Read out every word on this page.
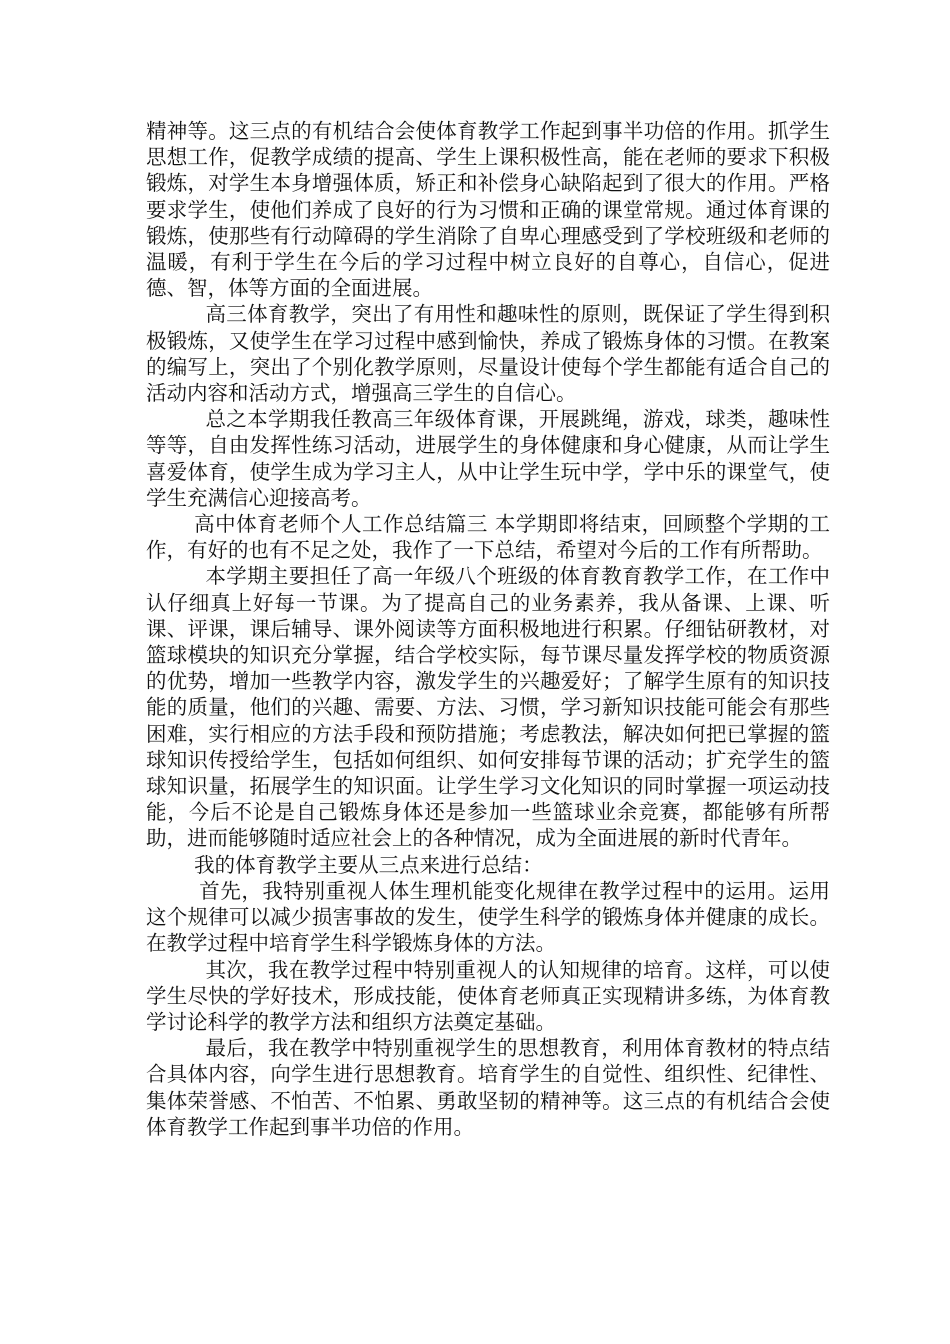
精神等。这三点的有机结合会使体育教学工作起到事半功倍的作用。抓学生思想工作，促教学成绩的提高、学生上课积极性高，能在老师的要求下积极锻炼，对学生本身增强体质，矫正和补偿身心缺陷起到了很大的作用。严格要求学生，使他们养成了良好的行为习惯和正确的课堂常规。通过体育课的锻炼，使那些有行动障碍的学生消除了自卑心理感受到了学校班级和老师的温暖，有利于学生在今后的学习过程中树立良好的自尊心，自信心，促进德、智，体等方面的全面进展。

高三体育教学，突出了有用性和趣味性的原则，既保证了学生得到积极锻炼，又使学生在学习过程中感到愉快，养成了锻炼身体的习惯。在教案的编写上，突出了个别化教学原则，尽量设计使每个学生都能有适合自己的活动内容和活动方式，增强高三学生的自信心。

总之本学期我任教高三年级体育课，开展跳绳，游戏，球类，趣味性等等，自由发挥性练习活动，进展学生的身体健康和身心健康，从而让学生喜爱体育，使学生成为学习主人，从中让学生玩中学，学中乐的课堂气，使学生充满信心迎接高考。

高中体育老师个人工作总结篇三 本学期即将结束，回顾整个学期的工作，有好的也有不足之处，我作了一下总结，希望对今后的工作有所帮助。

本学期主要担任了高一年级八个班级的体育教育教学工作，在工作中认仔细真上好每一节课。为了提高自己的业务素养，我从备课、上课、听课、评课，课后辅导、课外阅读等方面积极地进行积累。仔细钻研教材，对篮球模块的知识充分掌握，结合学校实际，每节课尽量发挥学校的物质资源的优势，增加一些教学内容，激发学生的兴趣爱好；了解学生原有的知识技能的质量，他们的兴趣、需要、方法、习惯，学习新知识技能可能会有那些困难，实行相应的方法手段和预防措施；考虑教法，解决如何把已掌握的篮球知识传授给学生，包括如何组织、如何安排每节课的活动；扩充学生的篮球知识量，拓展学生的知识面。让学生学习文化知识的同时掌握一项运动技能，今后不论是自己锻炼身体还是参加一些篮球业余竞赛，都能够有所帮助，进而能够随时适应社会上的各种情况，成为全面进展的新时代青年。

我的体育教学主要从三点来进行总结：

首先，我特别重视人体生理机能变化规律在教学过程中的运用。运用这个规律可以减少损害事故的发生，使学生科学的锻炼身体并健康的成长。在教学过程中培育学生科学锻炼身体的方法。

其次，我在教学过程中特别重视人的认知规律的培育。这样，可以使学生尽快的学好技术，形成技能，使体育老师真正实现精讲多练，为体育教学讨论科学的教学方法和组织方法奠定基础。

最后，我在教学中特别重视学生的思想教育，利用体育教材的特点结合具体内容，向学生进行思想教育。培育学生的自觉性、组织性、纪律性、集体荣誉感、不怕苦、不怕累、勇敢坚韧的精神等。这三点的有机结合会使体育教学工作起到事半功倍的作用。
